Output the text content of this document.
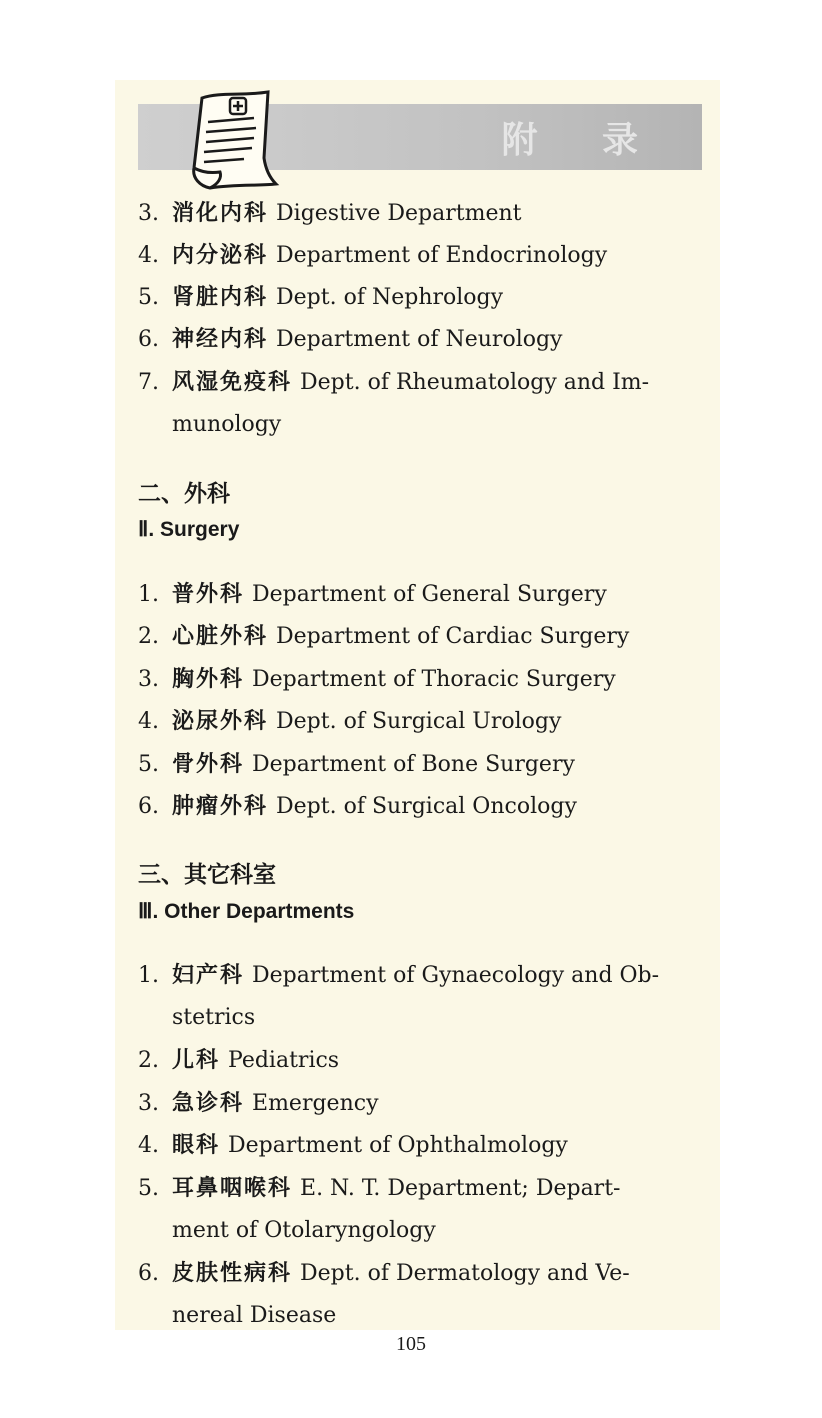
附 录
3. 消化内科 Digestive Department
4. 内分泌科 Department of Endocrinology
5. 肾脏内科 Dept. of Nephrology
6. 神经内科 Department of Neurology
7. 风湿免疫科 Dept. of Rheumatology and Im-
munology
二、外科
Ⅱ. Surgery
1. 普外科 Department of General Surgery
2. 心脏外科 Department of Cardiac Surgery
3. 胸外科 Department of Thoracic Surgery
4. 泌尿外科 Dept. of Surgical Urology
5. 骨外科 Department of Bone Surgery
6. 肿瘤外科 Dept. of Surgical Oncology
三、其它科室
Ⅲ. Other Departments
1. 妇产科 Department of Gynaecology and Ob-
stetrics
2. 儿科 Pediatrics
3. 急诊科 Emergency
4. 眼科 Department of Ophthalmology
5. 耳鼻咽喉科 E. N. T. Department; Depart-
ment of Otolaryngology
6. 皮肤性病科 Dept. of Dermatology and Ve-
nereal Disease
105
